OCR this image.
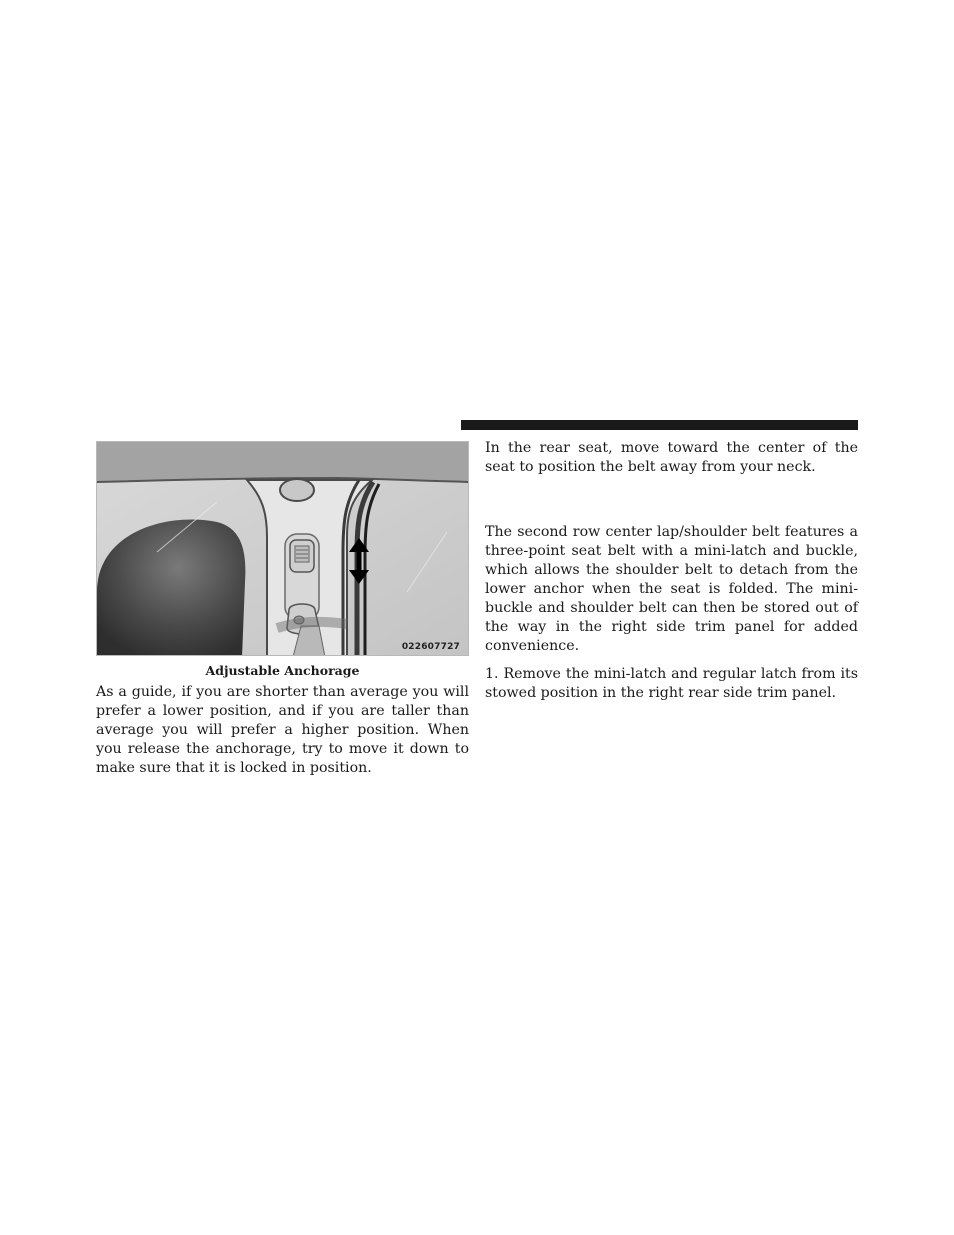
022607727
Adjustable Anchorage

As a guide, if you are shorter than average you will prefer a lower position, and if you are taller than average you will prefer a higher position. When you release the anchorage, try to move it down to make sure that it is locked in position.

In the rear seat, move toward the center of the seat to position the belt away from your neck.

The second row center lap/shoulder belt features a three-point seat belt with a mini-latch and buckle, which allows the shoulder belt to detach from the lower anchor when the seat is folded. The mini-buckle and shoulder belt can then be stored out of the way in the right side trim panel for added convenience.

1. Remove the mini-latch and regular latch from its stowed position in the right rear side trim panel.
